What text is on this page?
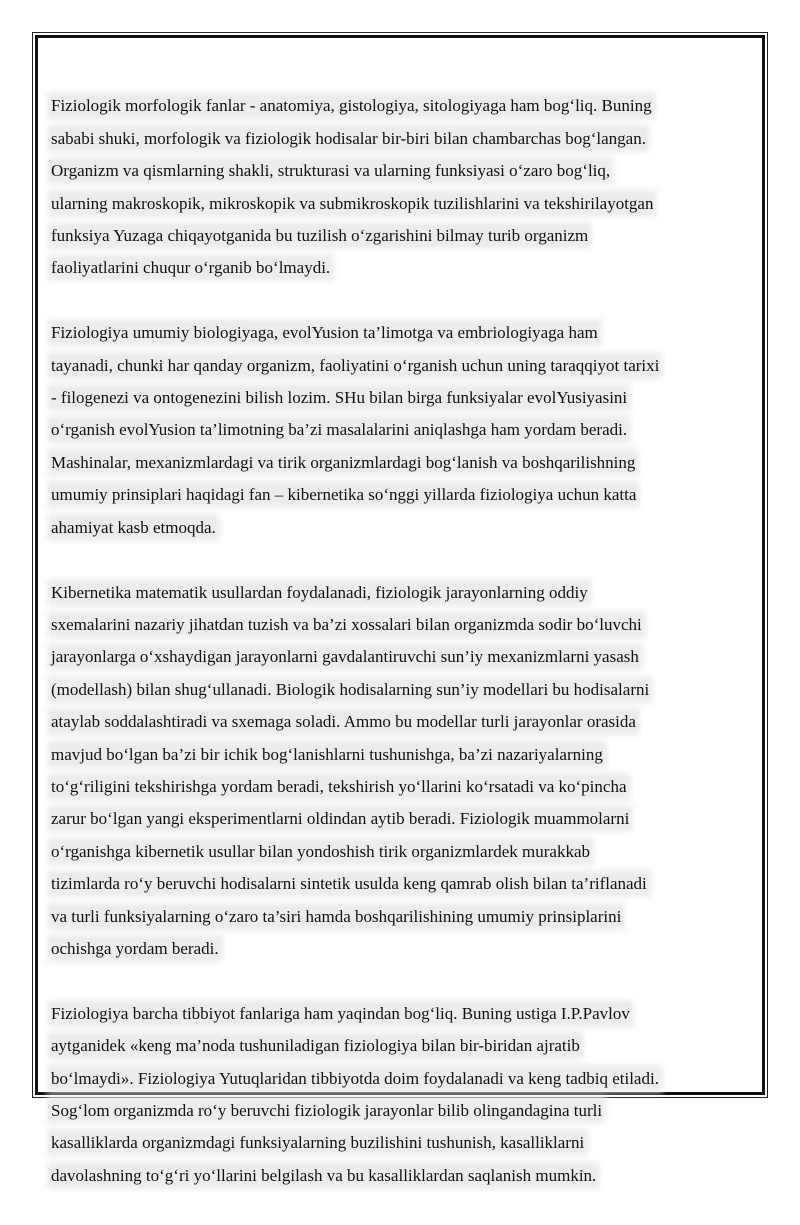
Fiziologik morfologik fanlar - anatomiya, gistologiya, sitologiyaga ham bog‘liq. Buning
sababi shuki, morfologik va fiziologik hodisalar bir-biri bilan chambarchas bog‘langan.
Organizm va qismlarning shakli, strukturasi va ularning funksiyasi o‘zaro bog‘liq,
ularning makroskopik, mikroskopik va submikroskopik tuzilishlarini va tekshirilayotgan
funksiya Yuzaga chiqayotganida bu tuzilish o‘zgarishini bilmay turib organizm
faoliyatlarini chuqur o‘rganib bo‘lmaydi.

Fiziologiya umumiy biologiyaga, evolYusion ta’limotga va embriologiyaga ham
tayanadi, chunki har qanday organizm, faoliyatini o‘rganish uchun uning taraqqiyot tarixi
- filogenezi va ontogenezini bilish lozim. SHu bilan birga funksiyalar evolYusiyasini
o‘rganish evolYusion ta’limotning ba’zi masalalarini aniqlashga ham yordam beradi.
Mashinalar, mexanizmlardagi va tirik organizmlardagi bog‘lanish va boshqarilishning
umumiy prinsiplari haqidagi fan – kibernetika so‘nggi yillarda fiziologiya uchun katta
ahamiyat kasb etmoqda.

Kibernetika matematik usullardan foydalanadi, fiziologik jarayonlarning oddiy
sxemalarini nazariy jihatdan tuzish va ba’zi xossalari bilan organizmda sodir bo‘luvchi
jarayonlarga o‘xshaydigan jarayonlarni gavdalantiruvchi sun’iy mexanizmlarni yasash
(modellash) bilan shug‘ullanadi. Biologik hodisalarning sun’iy modellari bu hodisalarni
ataylab soddalashtiradi va sxemaga soladi. Ammo bu modellar turli jarayonlar orasida
mavjud bo‘lgan ba’zi bir ichik bog‘lanishlarni tushunishga, ba’zi nazariyalarning
to‘g‘riligini tekshirishga yordam beradi, tekshirish yo‘llarini ko‘rsatadi va ko‘pincha
zarur bo‘lgan yangi eksperimentlarni oldindan aytib beradi. Fiziologik muammolarni
o‘rganishga kibernetik usullar bilan yondoshish tirik organizmlardek murakkab
tizimlarda ro‘y beruvchi hodisalarni sintetik usulda keng qamrab olish bilan ta’riflanadi
va turli funksiyalarning o‘zaro ta’siri hamda boshqarilishining umumiy prinsiplarini
ochishga yordam beradi.

Fiziologiya barcha tibbiyot fanlariga ham yaqindan bog‘liq. Buning ustiga I.P.Pavlov
aytganidek «keng ma’noda tushuniladigan fiziologiya bilan bir-biridan ajratib
bo‘lmaydi». Fiziologiya Yutuqlaridan tibbiyotda doim foydalanadi va keng tadbiq etiladi.
Sog‘lom organizmda ro‘y beruvchi fiziologik jarayonlar bilib olingandagina turli
kasalliklarda organizmdagi funksiyalarning buzilishini tushunish, kasalliklarni
davolashning to‘g‘ri yo‘llarini belgilash va bu kasalliklardan saqlanish mumkin.
